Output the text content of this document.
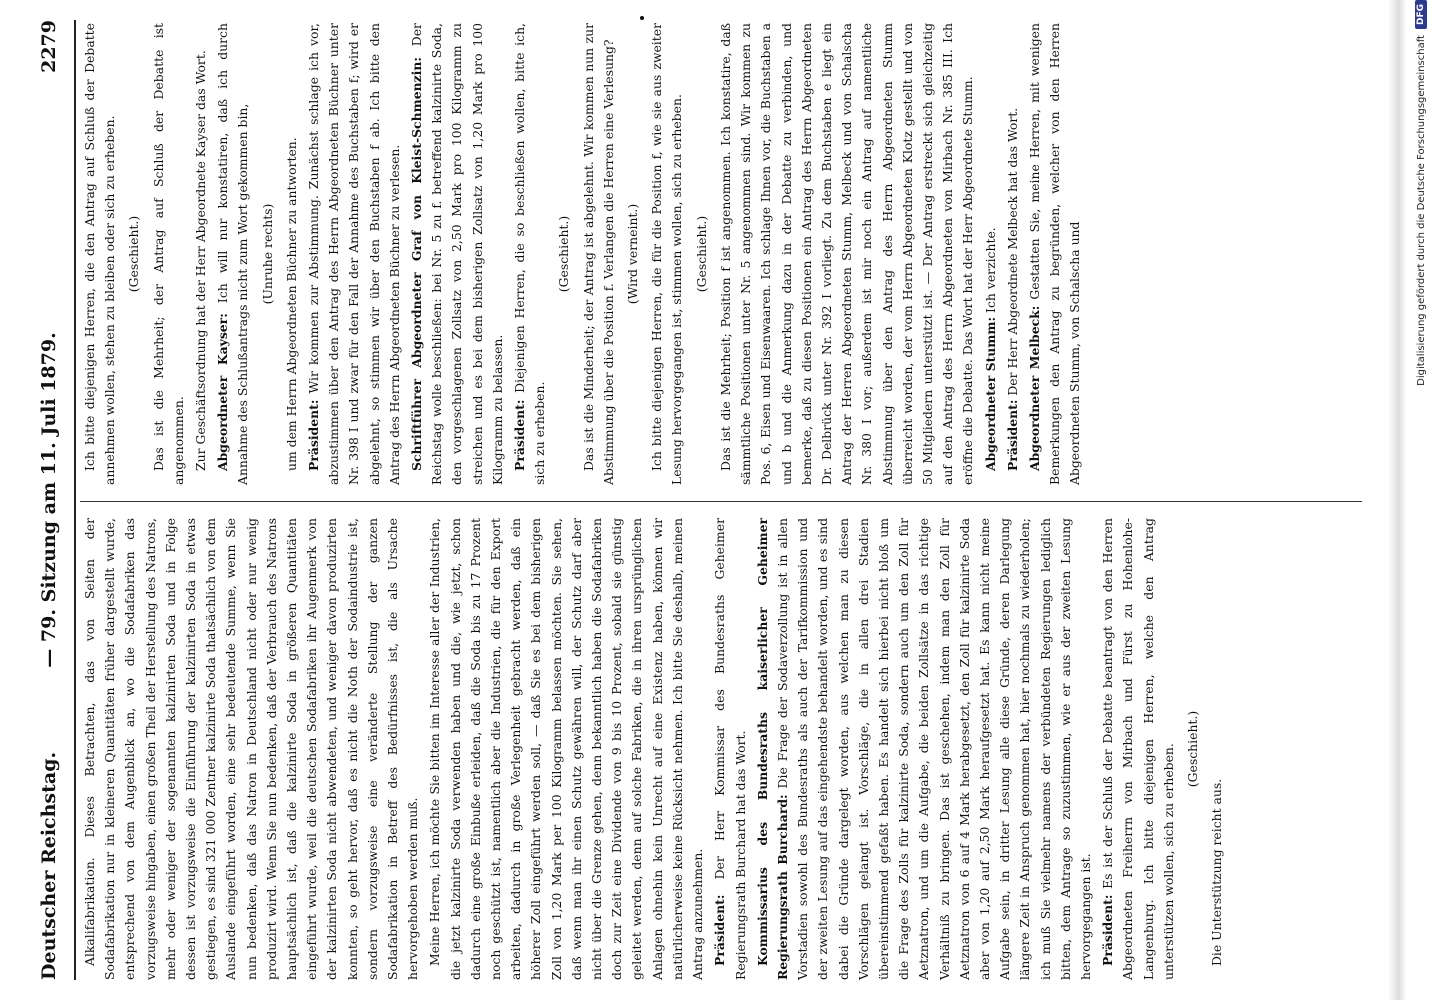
Deutscher Reichstag.
— 79. Sitzung am 11. Juli 1879.
2279

Alkalifabrikation. Dieses Betrachten, das von Seiten der Sodafabrikation nur in kleineren Quantitäten früher dargestellt wurde, entsprechend von dem Augenblick an, wo die Sodafabriken das vorzugsweise hingaben, einen großen Theil der Herstellung des Natrons, mehr oder weniger der sogenannten kalzinirten Soda und in Folge dessen ist vorzugsweise die Einführung der kalzinirten Soda in etwas gestiegen, es sind 321 000 Zentner kalzinirte Soda thatsächlich von dem Auslande eingeführt worden, eine sehr bedeutende Summe, wenn Sie nun bedenken, daß das Natron in Deutschland nicht oder nur wenig produzirt wird. Wenn Sie nun bedenken, daß der Verbrauch des Natrons hauptsächlich ist, daß die kalzinirte Soda in größeren Quantitäten eingeführt wurde, weil die deutschen Sodafabriken ihr Augenmerk von der kalzinirten Soda nicht abwendeten, und weniger davon produzirten konnten, so geht hervor, daß es nicht die Noth der Sodaindustrie ist, sondern vorzugsweise eine veränderte Stellung der ganzen Sodafabrikation in Betreff des Bedürfnisses ist, die als Ursache hervorgehoben werden muß. Meine Herren, ich möchte Sie bitten im Interesse aller der Industrien, die jetzt kalzinirte Soda verwenden haben und die, wie jetzt, schon dadurch eine große Einbuße erleiden, daß die Soda bis zu 17 Prozent noch geschützt ist, namentlich aber die Industrien, die für den Export arbeiten, dadurch in große Verlegenheit gebracht werden, daß ein höherer Zoll eingeführt werden soll, — daß Sie es bei dem bisherigen Zoll von 1,20 Mark per 100 Kilogramm belassen möchten. Sie sehen, daß wenn man ihr einen Schutz gewähren will, der Schutz darf aber nicht über die Grenze gehen, denn bekanntlich haben die Sodafabriken doch zur Zeit eine Dividende von 9 bis 10 Prozent, sobald sie günstig geleitet werden, denn auf solche Fabriken, die in ihren ursprünglichen Anlagen ohnehin kein Unrecht auf eine Existenz haben, können wir natürlicherweise keine Rücksicht nehmen. Ich bitte Sie deshalb, meinen Antrag anzunehmen. Präsident: Der Herr Kommissar des Bundesraths Geheimer Regierungsrath Burchard hat das Wort. Kommissarius des Bundesraths kaiserlicher Geheimer Regierungsrath Burchard: Die Frage der Sodaverzollung ist in allen Vorstadien sowohl des Bundesraths als auch der Tarifkommission und der zweiten Lesung auf das eingehendste behandelt worden, und es sind dabei die Gründe dargelegt worden, aus welchen man zu diesen Vorschlägen gelangt ist. Vorschläge, die in allen drei Stadien übereinstimmend gefaßt haben. Es handelt sich hierbei nicht bloß um die Frage des Zolls für kalzinirte Soda, sondern auch um den Zoll für Aetznatron, und um die Aufgabe, die beiden Zollsätze in das richtige Verhältniß zu bringen. Das ist geschehen, indem man den Zoll für Aetznatron von 6 auf 4 Mark herabgesetzt, den Zoll für kalzinirte Soda aber von 1,20 auf 2,50 Mark heraufgesetzt hat. Es kann nicht meine Aufgabe sein, in dritter Lesung alle diese Gründe, deren Darlegung längere Zeit in Anspruch genommen hat, hier nochmals zu wiederholen; ich muß Sie vielmehr namens der verbündeten Regierungen lediglich bitten, dem Antrage so zuzustimmen, wie er aus der zweiten Lesung hervorgegangen ist. Präsident: Es ist der Schluß der Debatte beantragt von den Herren Abgeordneten Freiherrn von Mirbach und Fürst zu Hohenlohe-Langenburg. Ich bitte diejenigen Herren, welche den Antrag unterstützen wollen, sich zu erheben. (Geschieht.)

Die Unterstützung reicht aus.

Ich bitte diejenigen Herren, die den Antrag auf Schluß der Debatte annehmen wollen, stehen zu bleiben oder sich zu erheben. (Geschieht.) Das ist die Mehrheit; der Antrag auf Schluß der Debatte ist angenommen. Zur Geschäftsordnung hat der Herr Abgeordnete Kayser das Wort. Abgeordneter Kayser: Ich will nur konstatiren, daß ich durch Annahme des Schlußantrags nicht zum Wort gekommen bin, (Unruhe rechts) um dem Herrn Abgeordneten Büchner zu antworten. Präsident: Wir kommen zur Abstimmung. Zunächst schlage ich vor, abzustimmen über den Antrag des Herrn Abgeordneten Büchner unter Nr. 398 I und zwar für den Fall der Annahme des Buchstaben f; wird er abgelehnt, so stimmen wir über den Buchstaben f ab. Ich bitte den Antrag des Herrn Abgeordneten Büchner zu verlesen. Schriftführer Abgeordneter Graf von Kleist-Schmenzin: Der Reichstag wolle beschließen: bei Nr. 5 zu f. betreffend kalzinirte Soda, den vorgeschlagenen Zollsatz von 2,50 Mark pro 100 Kilogramm zu streichen und es bei dem bisherigen Zollsatz von 1,20 Mark pro 100 Kilogramm zu belassen. Präsident: Diejenigen Herren, die so beschließen wollen, bitte ich, sich zu erheben.

(Geschieht.) Das ist die Minderheit; der Antrag ist abgelehnt. Wir kommen nun zur Abstimmung über die Position f. Verlangen die Herren eine Verlesung? (Wird verneint.) Ich bitte diejenigen Herren, die für die Position f, wie sie aus zweiter Lesung hervorgegangen ist, stimmen wollen, sich zu erheben. (Geschieht.) Das ist die Mehrheit; Position f ist angenommen. Ich konstatire, daß sämmtliche Positionen unter Nr. 5 angenommen sind. Wir kommen zu Pos. 6, Eisen und Eisenwaaren. Ich schlage Ihnen vor, die Buchstaben a und b und die Anmerkung dazu in der Debatte zu verbinden, und bemerke, daß zu diesen Positionen ein Antrag des Herrn Abgeordneten Dr. Delbrück unter Nr. 392 I vorliegt. Zu dem Buchstaben e liegt ein Antrag der Herren Abgeordneten Stumm, Melbeck und von Schalscha Nr. 380 I vor; außerdem ist mir noch ein Antrag auf namentliche Abstimmung über den Antrag des Herrn Abgeordneten Stumm überreicht worden, der vom Herrn Abgeordneten Klotz gestellt und von 50 Mitgliedern unterstützt ist. — Der Antrag erstreckt sich gleichzeitig auf den Antrag des Herrn Abgeordneten von Mirbach Nr. 385 III. Ich eröffne die Debatte. Das Wort hat der Herr Abgeordnete Stumm. Abgeordneter Stumm: Ich verzichte.

Präsident: Der Herr Abgeordnete Melbeck hat das Wort. Abgeordneter Melbeck: Gestatten Sie, meine Herren, mit wenigen Bemerkungen den Antrag zu begründen, welcher von den Herren Abgeordneten Stumm, von Schalscha und	Digitalisierung gefördert durch die Deutsche Forschungsgemeinschaft
DFG
